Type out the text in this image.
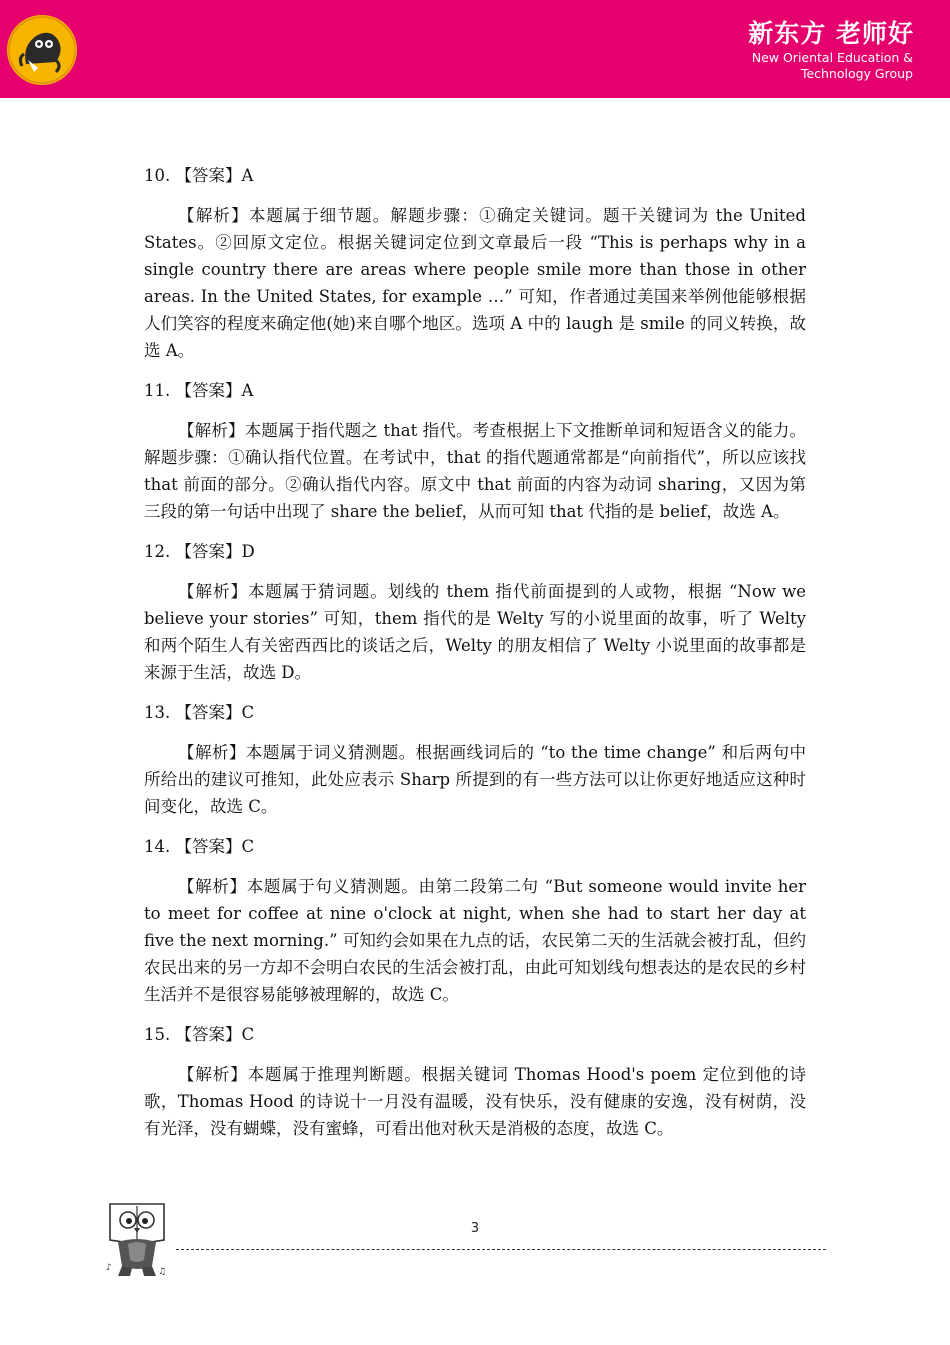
新东方 老师好
New Oriental Education &
Technology Group
10. 【答案】A
【解析】本题属于细节题。解题步骤：①确定关键词。题干关键词为 the United States。②回原文定位。根据关键词定位到文章最后一段 “This is perhaps why in a single country there are areas where people smile more than those in other areas. In the United States, for example …” 可知，作者通过美国来举例他能够根据人们笑容的程度来确定他(她)来自哪个地区。选项 A 中的 laugh 是 smile 的同义转换，故选 A。
11. 【答案】A
【解析】本题属于指代题之 that 指代。考查根据上下文推断单词和短语含义的能力。解题步骤：①确认指代位置。在考试中，that 的指代题通常都是“向前指代”，所以应该找 that 前面的部分。②确认指代内容。原文中 that 前面的内容为动词 sharing，又因为第三段的第一句话中出现了 share the belief，从而可知 that 代指的是 belief，故选 A。
12. 【答案】D
【解析】本题属于猜词题。划线的 them 指代前面提到的人或物，根据 “Now we believe your stories” 可知，them 指代的是 Welty 写的小说里面的故事，听了 Welty 和两个陌生人有关密西西比的谈话之后，Welty 的朋友相信了 Welty 小说里面的故事都是来源于生活，故选 D。
13. 【答案】C
【解析】本题属于词义猜测题。根据画线词后的 “to the time change” 和后两句中所给出的建议可推知，此处应表示 Sharp 所提到的有一些方法可以让你更好地适应这种时间变化，故选 C。
14. 【答案】C
【解析】本题属于句义猜测题。由第二段第二句 “But someone would invite her to meet for coffee at nine o'clock at night, when she had to start her day at five the next morning.” 可知约会如果在九点的话，农民第二天的生活就会被打乱，但约农民出来的另一方却不会明白农民的生活会被打乱，由此可知划线句想表达的是农民的乡村生活并不是很容易能够被理解的，故选 C。
15. 【答案】C
【解析】本题属于推理判断题。根据关键词 Thomas Hood's poem 定位到他的诗歌，Thomas Hood 的诗说十一月没有温暖，没有快乐，没有健康的安逸，没有树荫，没有光泽，没有蝴蝶，没有蜜蜂，可看出他对秋天是消极的态度，故选 C。
♪	♫
3
